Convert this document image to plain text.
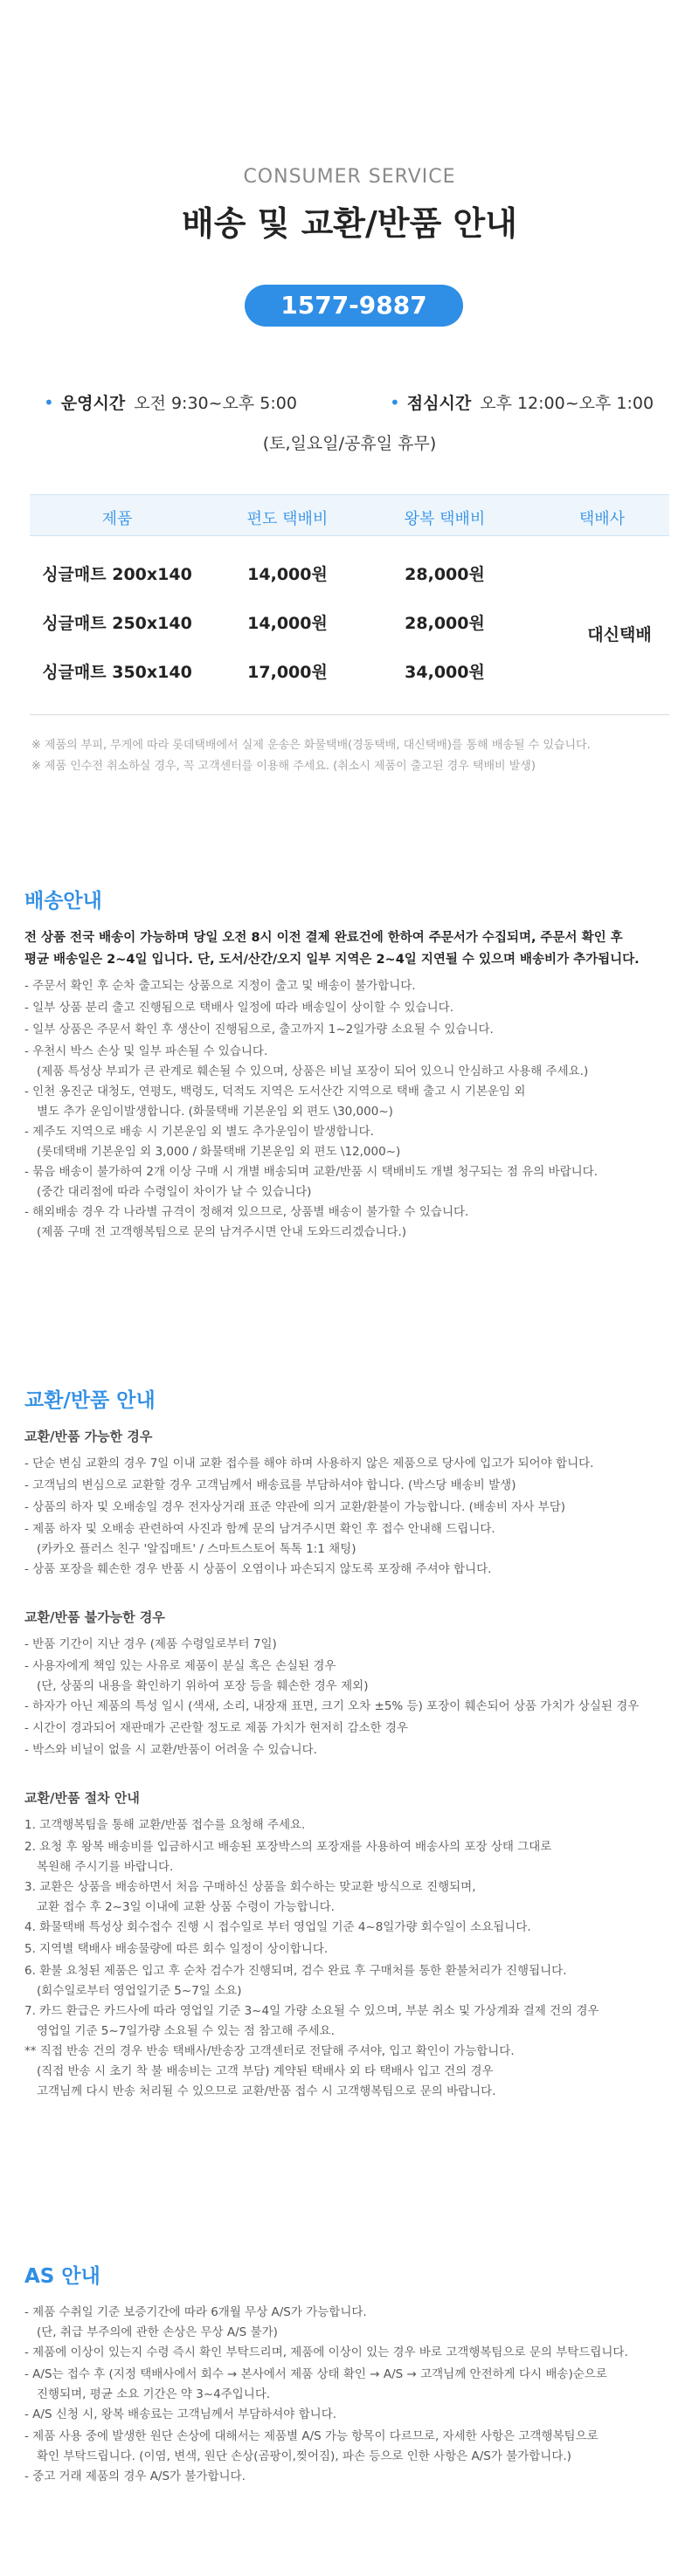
CONSUMER SERVICE
배송 및 교환/반품 안내
1577-9887
• 운영시간 오전 9:30~오후 5:00	• 점심시간 오후 12:00~오후 1:00
(토,일요일/공휴일 휴무)
제품	편도 택배비	왕복 택배비	택배사
싱글매트 200x140	14,000원	28,000원
싱글매트 250x140	14,000원	28,000원
싱글매트 350x140	17,000원	34,000원
대신택배
※ 제품의 부피, 무게에 따라 롯데택배에서 실제 운송은 화물택배(경동택배, 대신택배)를 통해 배송될 수 있습니다.
※ 제품 인수전 취소하실 경우, 꼭 고객센터를 이용해 주세요. (취소시 제품이 출고된 경우 택배비 발생)
배송안내
전 상품 전국 배송이 가능하며 당일 오전 8시 이전 결제 완료건에 한하여 주문서가 수집되며, 주문서 확인 후
평균 배송일은 2~4일 입니다. 단, 도서/산간/오지 일부 지역은 2~4일 지연될 수 있으며 배송비가 추가됩니다.
- 주문서 확인 후 순차 출고되는 상품으로 지정이 출고 및 배송이 불가합니다.
- 일부 상품 분리 출고 진행됨으로 택배사 일정에 따라 배송일이 상이할 수 있습니다.
- 일부 상품은 주문서 확인 후 생산이 진행됨으로, 출고까지 1~2일가량 소요될 수 있습니다.
- 우천시 박스 손상 및 일부 파손될 수 있습니다.
(제품 특성상 부피가 큰 관계로 훼손될 수 있으며, 상품은 비닐 포장이 되어 있으니 안심하고 사용해 주세요.)
- 인천 옹진군 대청도, 연평도, 백령도, 덕적도 지역은 도서산간 지역으로 택배 출고 시 기본운임 외
별도 추가 운임이발생합니다. (화물택배 기본운임 외 편도 \30,000~)
- 제주도 지역으로 배송 시 기본운임 외 별도 추가운임이 발생합니다.
(롯데택배 기본운임 외 3,000 / 화물택배 기본운임 외 편도 \12,000~)
- 묶음 배송이 불가하여 2개 이상 구매 시 개별 배송되며 교환/반품 시 택배비도 개별 청구되는 점 유의 바랍니다.
(중간 대리점에 따라 수령일이 차이가 날 수 있습니다)
- 해외배송 경우 각 나라별 규격이 정해져 있으므로, 상품별 배송이 불가할 수 있습니다.
(제품 구매 전 고객행복팀으로 문의 남겨주시면 안내 도와드리겠습니다.)
교환/반품 안내
교환/반품 가능한 경우
- 단순 변심 교환의 경우 7일 이내 교환 접수를 해야 하며 사용하지 않은 제품으로 당사에 입고가 되어야 합니다.
- 고객님의 변심으로 교환할 경우 고객님께서 배송료를 부담하셔야 합니다. (박스당 배송비 발생)
- 상품의 하자 및 오배송일 경우 전자상거래 표준 약관에 의거 교환/환불이 가능합니다. (배송비 자사 부담)
- 제품 하자 및 오배송 관련하여 사진과 함께 문의 남겨주시면 확인 후 접수 안내해 드립니다.
(카카오 플러스 친구 '알집매트' / 스마트스토어 톡톡 1:1 채팅)
- 상품 포장을 훼손한 경우 반품 시 상품이 오염이나 파손되지 않도록 포장해 주셔야 합니다.
교환/반품 불가능한 경우
- 반품 기간이 지난 경우 (제품 수령일로부터 7일)
- 사용자에게 책임 있는 사유로 제품이 분실 혹은 손실된 경우
(단, 상품의 내용을 확인하기 위하여 포장 등을 훼손한 경우 제외)
- 하자가 아닌 제품의 특성 일시 (색새, 소리, 내장재 표면, 크기 오차 ±5% 등) 포장이 훼손되어 상품 가치가 상실된 경우
- 시간이 경과되어 재판매가 곤란할 정도로 제품 가치가 현저히 감소한 경우
- 박스와 비닐이 없을 시 교환/반품이 어려울 수 있습니다.
교환/반품 절차 안내
1. 고객행복팀을 통해 교환/반품 접수를 요청해 주세요.
2. 요청 후 왕복 배송비를 입금하시고 배송된 포장박스의 포장재를 사용하여 배송사의 포장 상태 그대로
복원해 주시기를 바랍니다.
3. 교환은 상품을 배송하면서 처음 구매하신 상품을 회수하는 맞교환 방식으로 진행되며,
교환 접수 후 2~3일 이내에 교환 상품 수령이 가능합니다.
4. 화물택배 특성상 회수접수 진행 시 접수일로 부터 영업일 기준 4~8일가량 회수일이 소요됩니다.
5. 지역별 택배사 배송물량에 따른 회수 일정이 상이합니다.
6. 환불 요청된 제품은 입고 후 순차 검수가 진행되며, 검수 완료 후 구매처를 통한 환불처리가 진행됩니다.
(회수일로부터 영업일기준 5~7일 소요)
7. 카드 환급은 카드사에 따라 영업일 기준 3~4일 가량 소요될 수 있으며, 부분 취소 및 가상계좌 결제 건의 경우
영업일 기준 5~7일가량 소요될 수 있는 점 참고해 주세요.
** 직접 반송 건의 경우 반송 택배사/반송장 고객센터로 전달해 주셔야, 입고 확인이 가능합니다.
(직접 반송 시 초기 착 불 배송비는 고객 부담) 계약된 택배사 외 타 택배사 입고 건의 경우
고객님께 다시 반송 처리될 수 있으므로 교환/반품 접수 시 고객행복팀으로 문의 바랍니다.
AS 안내
- 제품 수취일 기준 보증기간에 따라 6개월 무상 A/S가 가능합니다.
(단, 취급 부주의에 관한 손상은 무상 A/S 불가)
- 제품에 이상이 있는지 수령 즉시 확인 부탁드리며, 제품에 이상이 있는 경우 바로 고객행복팀으로 문의 부탁드립니다.
- A/S는 접수 후 (지정 택배사에서 회수 → 본사에서 제품 상태 확인 → A/S → 고객님께 안전하게 다시 배송)순으로
진행되며, 평균 소요 기간은 약 3~4주입니다.
- A/S 신청 시, 왕복 배송료는 고객님께서 부담하셔야 합니다.
- 제품 사용 중에 발생한 원단 손상에 대해서는 제품별 A/S 가능 항목이 다르므로, 자세한 사항은 고객행복팀으로
확인 부탁드립니다. (이염, 변색, 원단 손상(곰팡이,찢어짐), 파손 등으로 인한 사항은 A/S가 불가합니다.)
- 중고 거래 제품의 경우 A/S가 불가합니다.
